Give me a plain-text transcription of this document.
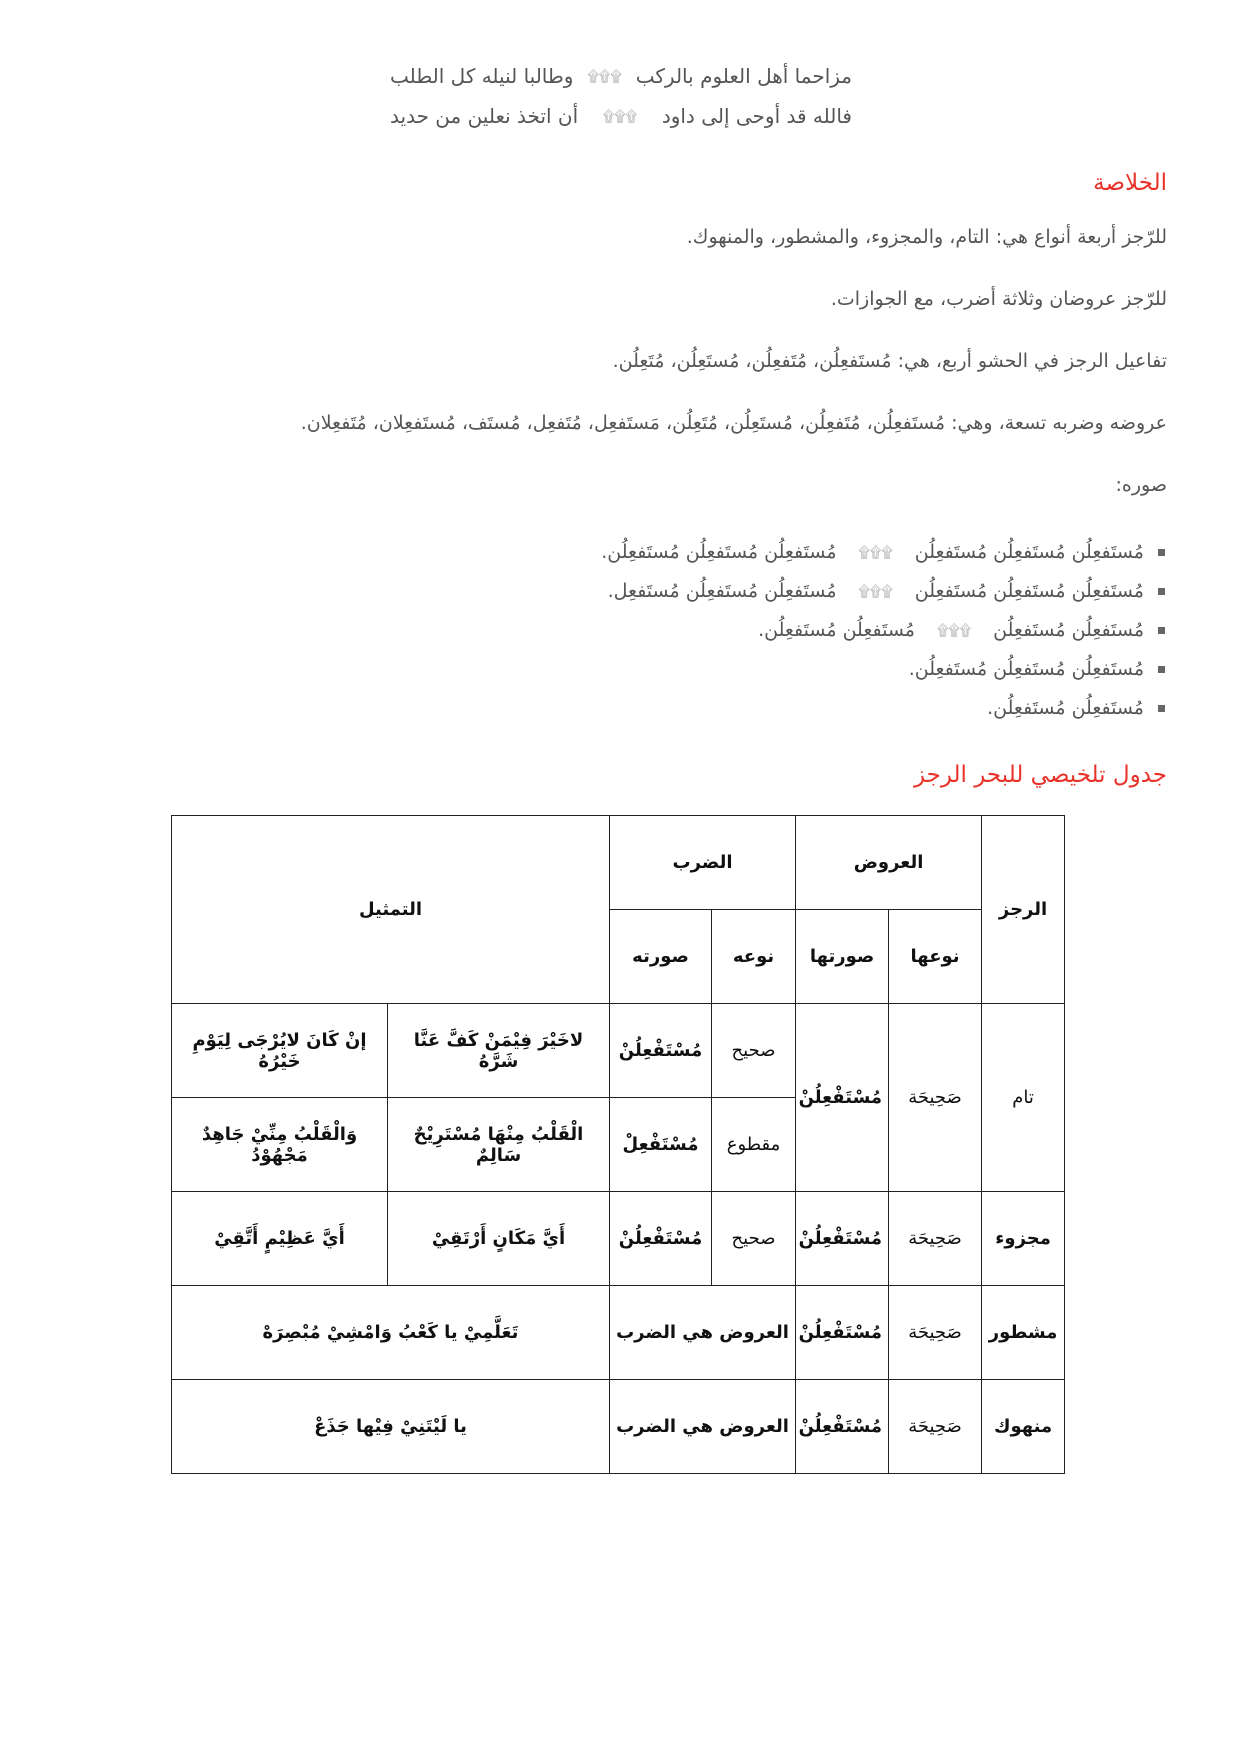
مزاحما أهل العلوم بالركب
۩۩۩
وطالبا لنيله كل الطلب
فالله قد أوحى إلى داود
۩۩۩
أن اتخذ نعلين من حديد
الخلاصة
للرّجز أربعة أنواع هي: التام، والمجزوء، والمشطور، والمنهوك.
للرّجز عروضان وثلاثة أضرب، مع الجوازات.
تفاعيل الرجز في الحشو أربع، هي: مُستَفعِلُن، مُتَفعِلُن، مُستَعِلُن، مُتَعِلُن.
عروضه وضربه تسعة، وهي: مُستَفعِلُن، مُتَفعِلُن، مُستَعِلُن، مُتَعِلُن، مَستَفعِل، مُتَفعِل، مُستَف، مُستَفعِلان، مُتَفعِلان.
صوره:
مُستَفعِلُن مُستَفعِلُن مُستَفعِلُن
۩۩۩
مُستَفعِلُن مُستَفعِلُن مُستَفعِلُن.
مُستَفعِلُن مُستَفعِلُن مُستَفعِلُن
۩۩۩
مُستَفعِلُن مُستَفعِلُن مُستَفعِل.
مُستَفعِلُن مُستَفعِلُن
۩۩۩
مُستَفعِلُن مُستَفعِلُن.
مُستَفعِلُن مُستَفعِلُن مُستَفعِلُن.
مُستَفعِلُن مُستَفعِلُن.
جدول تلخيصي للبحر الرجز
الرجز	العروض		الضرب		التمثيل	
	نوعها	صورتها	نوعه	صورته		
تام	صَحِيحَة	مُسْتَفْعِلُنْ	صحيح	مُسْتَفْعِلُنْ	لاخَيْرَ فِيْمَنْ كَفَّ عَنَّا شَرَّهُ	إنْ كَانَ لايُرْجَى لِيَوْمِ خَيْرُهُ
			مقطوع	مُسْتَفْعِلْ	الْقَلْبُ مِنْهَا مُسْتَرِيْحٌ سَالِمٌ	وَالْقَلْبُ مِنِّيْ جَاهِدٌ مَجْهُوْدُ
مجزوء	صَحِيحَة	مُسْتَفْعِلُنْ	صحيح	مُسْتَفْعِلُنْ	أَيَّ مَكَانٍ أَرْتَقِيْ	أَيَّ عَظِيْمٍ أَتَّقِيْ
مشطور	صَحِيحَة	مُسْتَفْعِلُنْ	العروض هي الضرب		تَعَلَّمِيْ يا كَعْبُ وَامْشِيْ مُبْصِرَهْ	
منهوك	صَحِيحَة	مُسْتَفْعِلُنْ	العروض هي الضرب		يا لَيْتَنِيْ فِيْها جَذَعْ	
